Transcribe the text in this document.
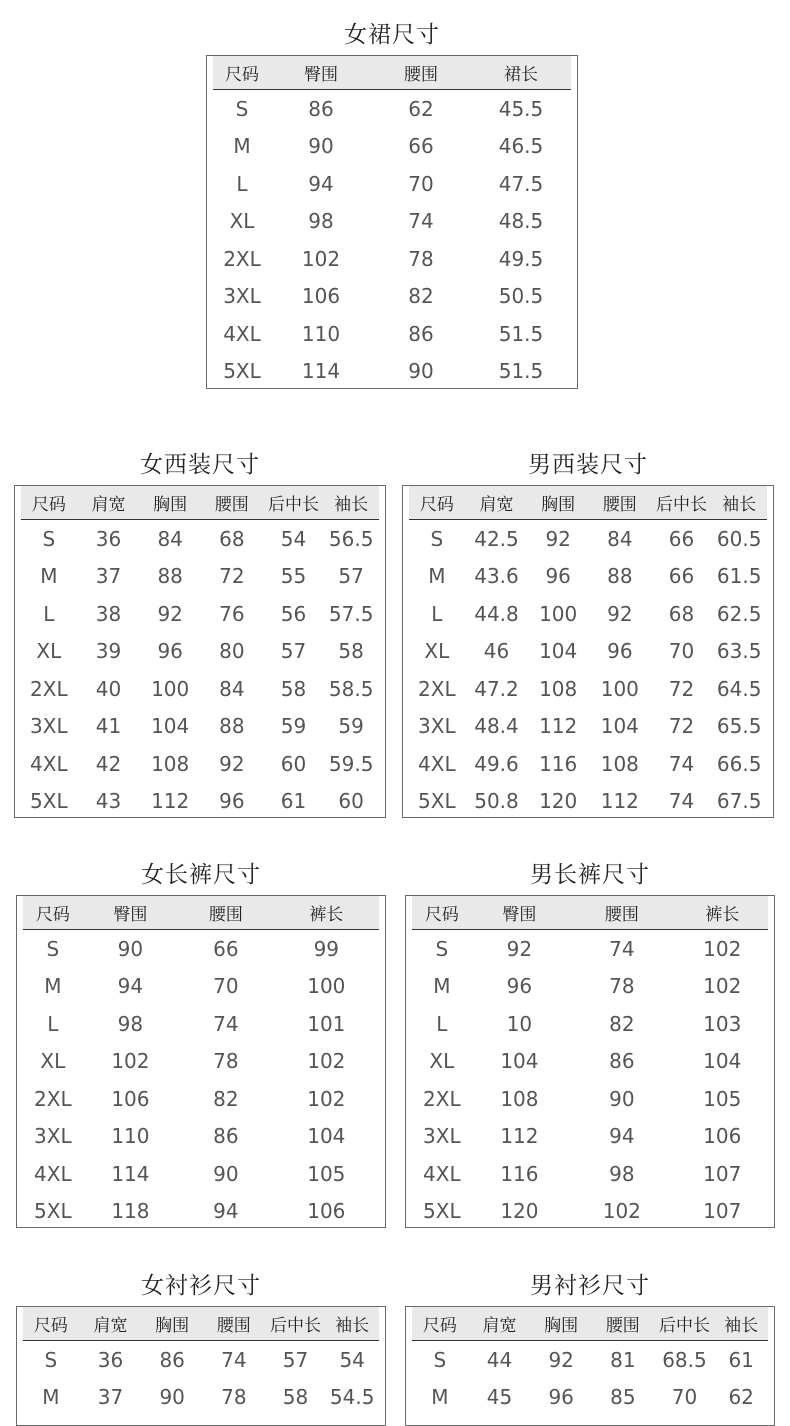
女裙尺寸
尺码	臀围	腰围	裙长
S	86	62	45.5
M	90	66	46.5
L	94	70	47.5
XL	98	74	48.5
2XL	102	78	49.5
3XL	106	82	50.5
4XL	110	86	51.5
5XL	114	90	51.5
女西装尺寸
尺码	肩宽	胸围	腰围	后中长 袖长
S	36	84	68	54	56.5
M	37	88	72	55	57
L	38	92	76	56	57.5
XL	39	96	80	57	58
2XL	40	100	84	58	58.5
3XL	41	104	88	59	59
4XL	42	108	92	60	59.5
5XL	43	112	96	61	60
男西装尺寸
尺码	肩宽	胸围	腰围	后中长 袖长
S	42.5	92	84	66	60.5
M	43.6	96	88	66	61.5
L	44.8	100	92	68	62.5
XL	46	104	96	70	63.5
2XL 47.2	108	100	72	64.5
3XL 48.4	112	104	72	65.5
4XL 49.6	116	108	74	66.5
5XL 50.8	120	112	74	67.5
女长裤尺寸
尺码	臀围	腰围	裤长
S	90	66	99
M	94	70	100
L	98	74	101
XL	102	78	102
2XL	106	82	102
3XL	110	86	104
4XL	114	90	105
5XL	118	94	106
男长裤尺寸
尺码	臀围	腰围	裤长
S	92	74	102
M	96	78	102
L	10	82	103
XL	104	86	104
2XL	108	90	105
3XL	112	94	106
4XL	116	98	107
5XL	120	102	107
女衬衫尺寸
尺码	肩宽	胸围	腰围	后中长 袖长
S	36	86	74	57	54
M	37	90	78	58	54.5
男衬衫尺寸
尺码	肩宽	胸围	腰围	后中长 袖长
S	44	92	81	68.5	61
M	45	96	85	70	62
